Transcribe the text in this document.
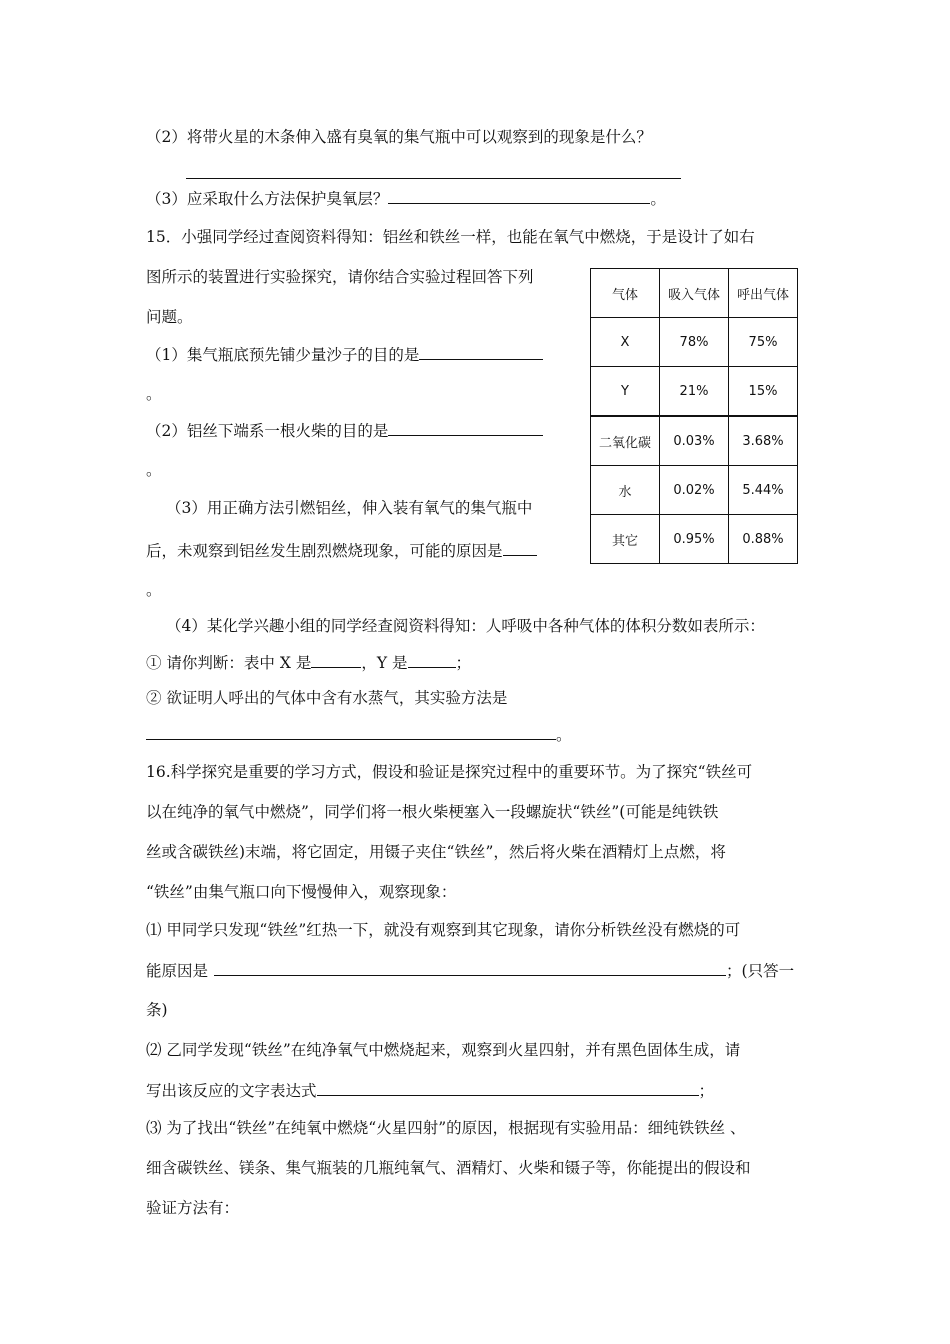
（2）将带火星的木条伸入盛有臭氧的集气瓶中可以观察到的现象是什么？
（3）应采取什么方法保护臭氧层？	。
15．小强同学经过查阅资料得知：铝丝和铁丝一样，也能在氧气中燃烧，于是设计了如右
图所示的装置进行实验探究，请你结合实验过程回答下列
问题。
（1）集气瓶底预先铺少量沙子的目的是
。
（2）铝丝下端系一根火柴的目的是
。
（3）用正确方法引燃铝丝，伸入装有氧气的集气瓶中
后，未观察到铝丝发生剧烈燃烧现象，可能的原因是
。
气体	吸入气体	呼出气体
X	78%	75%
Y	21%	15%
二氧化碳	0.03%	3.68%
水	0.02%	5.44%
其它	0.95%	0.88%
（4）某化学兴趣小组的同学经查阅资料得知：人呼吸中各种气体的体积分数如表所示：
① 请你判断：表中 X 是	，Y 是	；
② 欲证明人呼出的气体中含有水蒸气，其实验方法是
。
16.科学探究是重要的学习方式，假设和验证是探究过程中的重要环节。为了探究“铁丝可
以在纯净的氧气中燃烧”，同学们将一根火柴梗塞入一段螺旋状“铁丝”(可能是纯铁铁
丝或含碳铁丝)末端，将它固定，用镊子夹住“铁丝”，然后将火柴在酒精灯上点燃，将
“铁丝”由集气瓶口向下慢慢伸入，观察现象：
⑴ 甲同学只发现“铁丝”红热一下，就没有观察到其它现象，请你分析铁丝没有燃烧的可
能原因是	；(只答一
条)
⑵ 乙同学发现“铁丝”在纯净氧气中燃烧起来，观察到火星四射，并有黑色固体生成，请
写出该反应的文字表达式	；
⑶ 为了找出“铁丝”在纯氧中燃烧“火星四射”的原因，根据现有实验用品：细纯铁铁丝 、
细含碳铁丝、镁条、集气瓶装的几瓶纯氧气、酒精灯、火柴和镊子等，你能提出的假设和
验证方法有：
